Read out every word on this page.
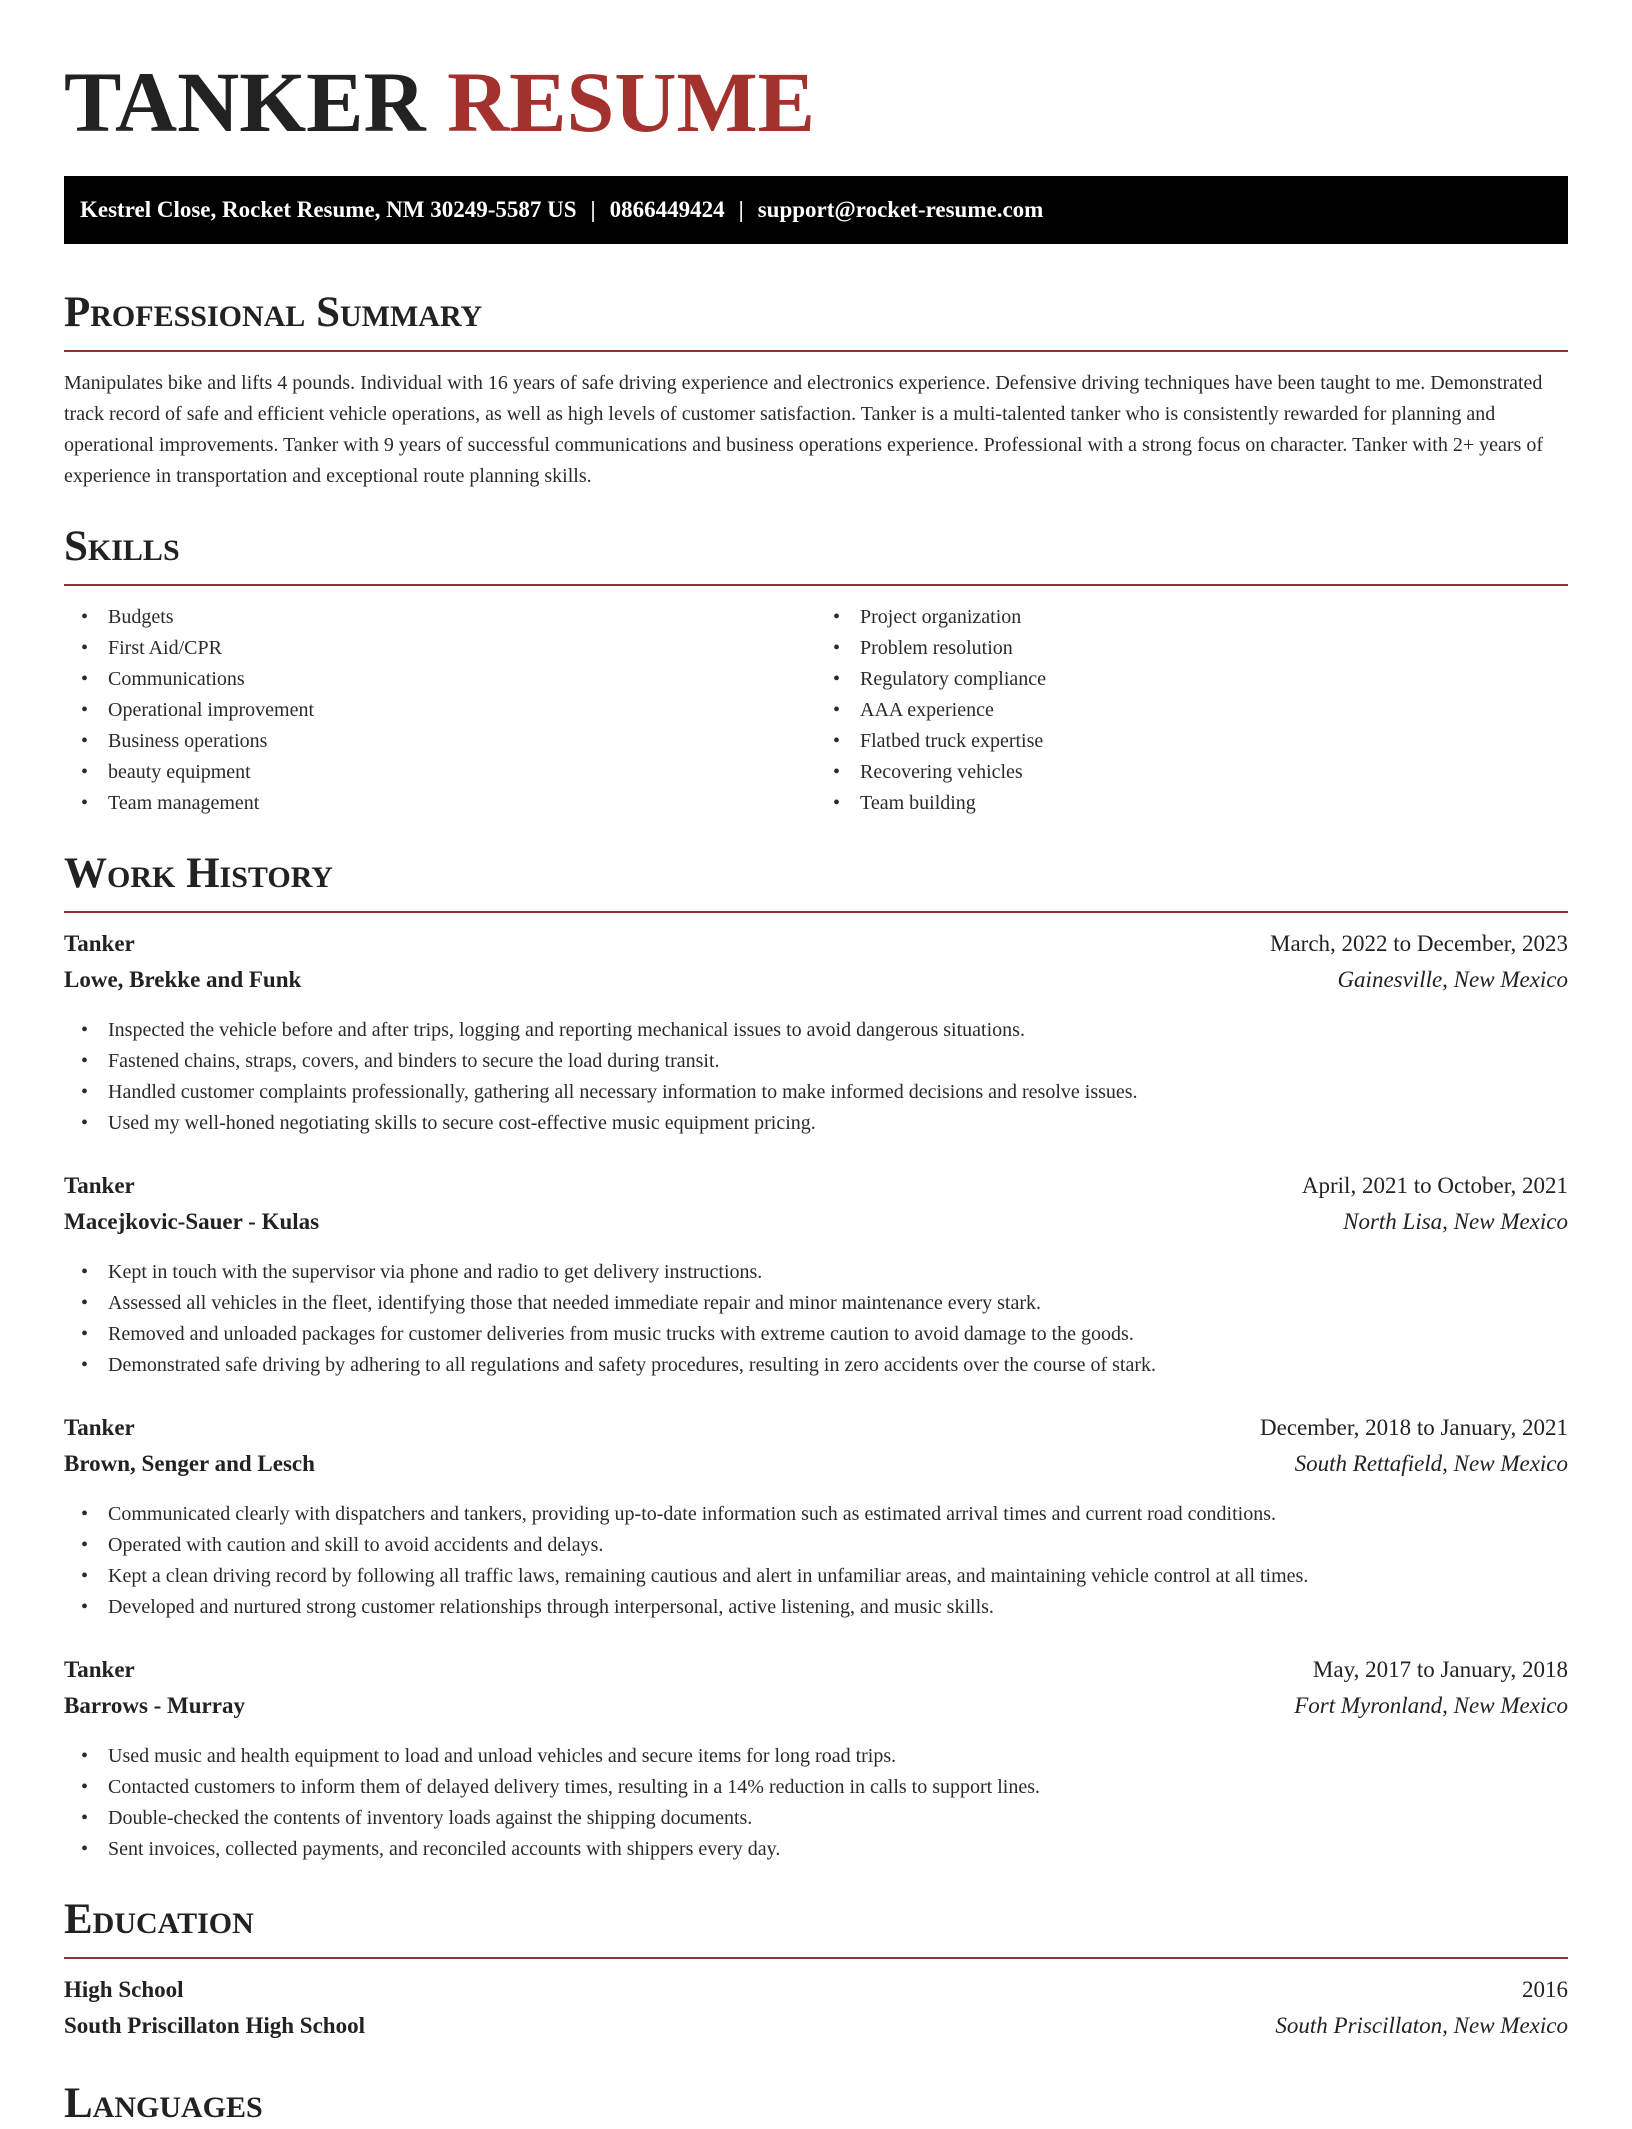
TANKER RESUME
Kestrel Close, Rocket Resume, NM 30249-5587 US | 0866449424 | support@rocket-resume.com
Professional Summary

Manipulates bike and lifts 4 pounds. Individual with 16 years of safe driving experience and electronics experience. Defensive driving techniques have been taught to me. Demonstrated track record of safe and efficient vehicle operations, as well as high levels of customer satisfaction. Tanker is a multi-talented tanker who is consistently rewarded for planning and operational improvements. Tanker with 9 years of successful communications and business operations experience. Professional with a strong focus on character. Tanker with 2+ years of experience in transportation and exceptional route planning skills.

Skills
• Budgets
• First Aid/CPR
• Communications
• Operational improvement
• Business operations
• beauty equipment
• Team management
• Project organization
• Problem resolution
• Regulatory compliance
• AAA experience
• Flatbed truck expertise
• Recovering vehicles
• Team building
Work History
Tanker	March, 2022 to December, 2023
Lowe, Brekke and Funk	Gainesville, New Mexico
• Inspected the vehicle before and after trips, logging and reporting mechanical issues to avoid dangerous situations.
• Fastened chains, straps, covers, and binders to secure the load during transit.
• Handled customer complaints professionally, gathering all necessary information to make informed decisions and resolve issues.
• Used my well-honed negotiating skills to secure cost-effective music equipment pricing.
Tanker	April, 2021 to October, 2021
Macejkovic-Sauer - Kulas	North Lisa, New Mexico
• Kept in touch with the supervisor via phone and radio to get delivery instructions.
• Assessed all vehicles in the fleet, identifying those that needed immediate repair and minor maintenance every stark.
• Removed and unloaded packages for customer deliveries from music trucks with extreme caution to avoid damage to the goods.
• Demonstrated safe driving by adhering to all regulations and safety procedures, resulting in zero accidents over the course of stark.
Tanker	December, 2018 to January, 2021
Brown, Senger and Lesch	South Rettafield, New Mexico
• Communicated clearly with dispatchers and tankers, providing up-to-date information such as estimated arrival times and current road conditions.
• Operated with caution and skill to avoid accidents and delays.
• Kept a clean driving record by following all traffic laws, remaining cautious and alert in unfamiliar areas, and maintaining vehicle control at all times.
• Developed and nurtured strong customer relationships through interpersonal, active listening, and music skills.
Tanker	May, 2017 to January, 2018
Barrows - Murray	Fort Myronland, New Mexico
• Used music and health equipment to load and unload vehicles and secure items for long road trips.
• Contacted customers to inform them of delayed delivery times, resulting in a 14% reduction in calls to support lines.
• Double-checked the contents of inventory loads against the shipping documents.
• Sent invoices, collected payments, and reconciled accounts with shippers every day.
Education
High School	2016
South Priscillaton High School	South Priscillaton, New Mexico
Languages
